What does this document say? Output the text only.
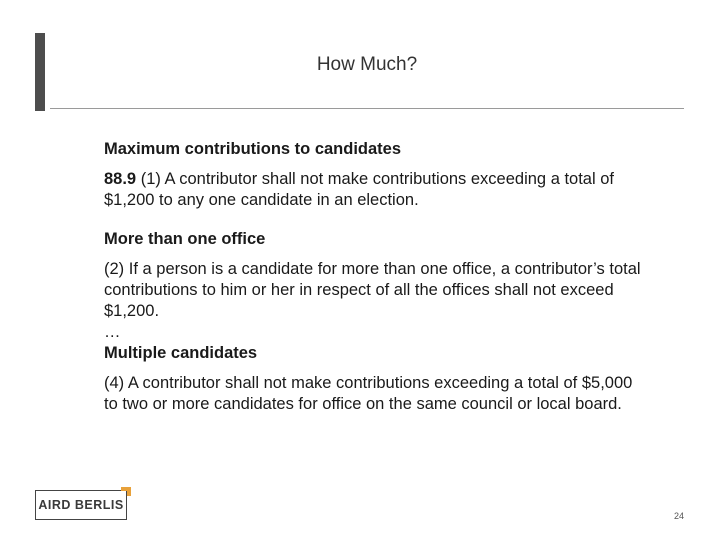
How Much?

Maximum contributions to candidates

88.9 (1) A contributor shall not make contributions exceeding a total of $1,200 to any one candidate in an election.

More than one office

(2) If a person is a candidate for more than one office, a contributor’s total contributions to him or her in respect of all the offices shall not exceed $1,200.

…

Multiple candidates

(4) A contributor shall not make contributions exceeding a total of $5,000 to two or more candidates for office on the same council or local board.

AIRD BERLIS
24
